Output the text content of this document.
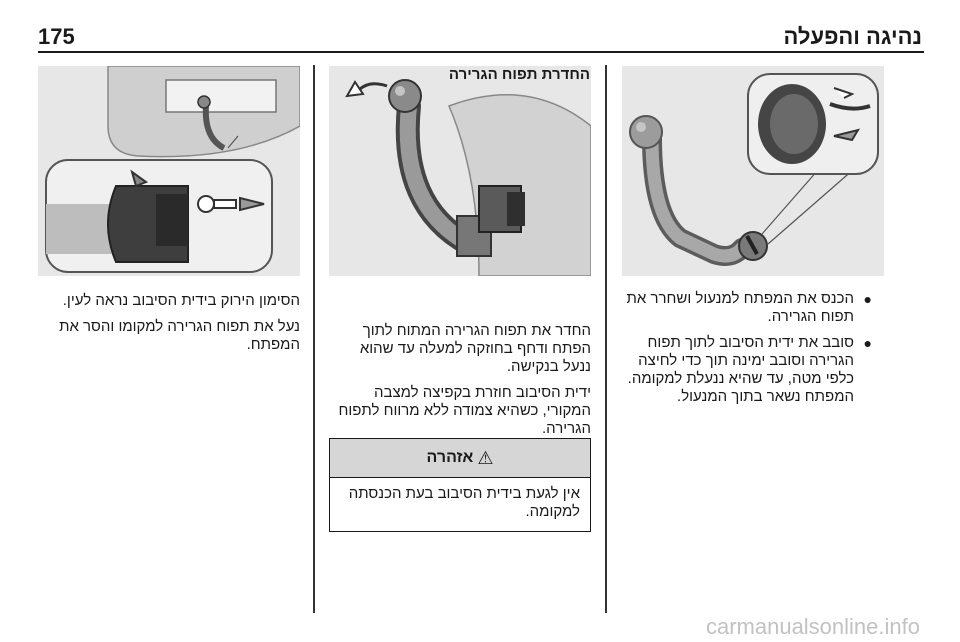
175	נהיגה והפעלה
●
הכנס את המפתח למנעול ושחרר את תפוח הגרירה.
●
סובב את ידית הסיבוב לתוך תפוח הגרירה וסובב ימינה תוך כדי לחיצה כלפי מטה, עד שהיא ננעלת למקומה. המפתח נשאר בתוך המנעול.
החדרת תפוח הגרירה

החדר את תפוח הגרירה המתוח לתוך הפתח ודחף בחוזקה למעלה עד שהוא ננעל בנקישה.

ידית הסיבוב חוזרת בקפיצה למצבה המקורי, כשהיא צמודה ללא מרווח לתפוח הגרירה.

⚠
אזהרה
אין לגעת בידית הסיבוב בעת הכנסתה למקומה.

הסימון הירוק בידית הסיבוב נראה לעין.

נעל את תפוח הגרירה למקומו והסר את המפתח.

carmanualsonline.info
